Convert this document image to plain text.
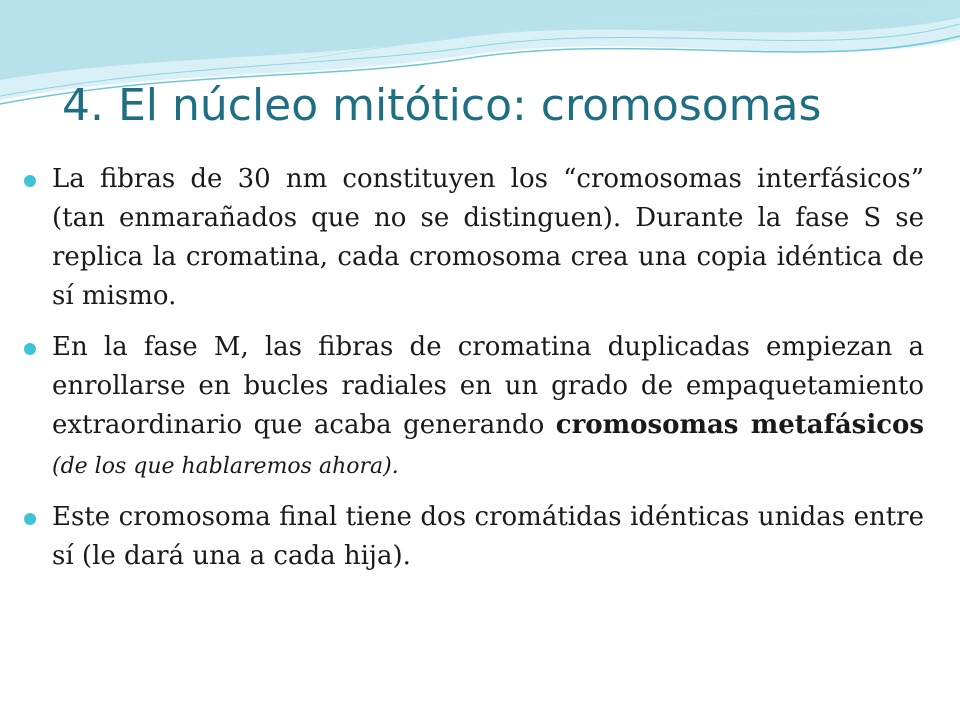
4. El núcleo mitótico: cromosomas
La fibras de 30 nm constituyen los “cromosomas interfásicos” (tan enmarañados que no se distinguen). Durante la fase S se replica la cromatina, cada cromosoma crea una copia idéntica de sí mismo.
En la fase M, las fibras de cromatina duplicadas empiezan a enrollarse en bucles radiales en un grado de empaquetamiento extraordinario que acaba generando cromosomas metafásicos (de los que hablaremos ahora).
Este cromosoma final tiene dos cromátidas idénticas unidas entre sí (le dará una a cada hija).
